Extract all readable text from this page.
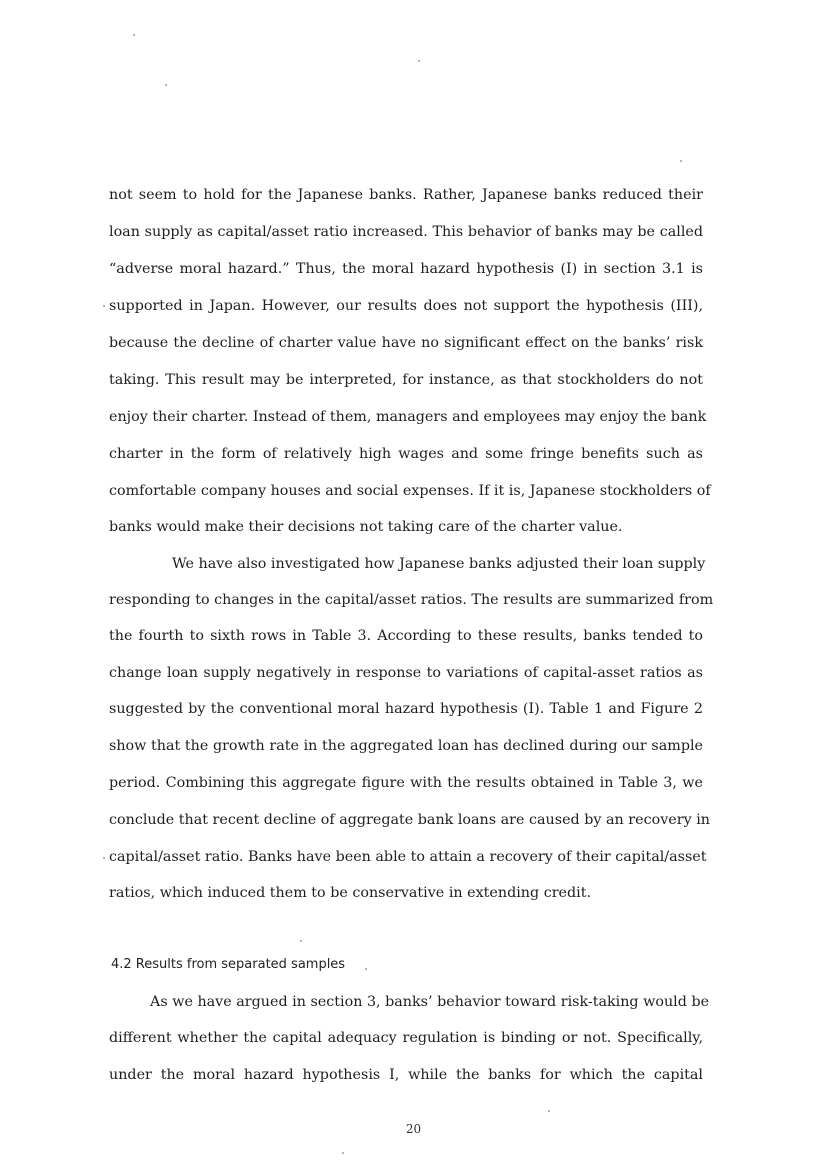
not seem to hold for the Japanese banks. Rather, Japanese banks reduced their
loan supply as capital/asset ratio increased. This behavior of banks may be called
“adverse moral hazard.” Thus, the moral hazard hypothesis (I) in section 3.1 is
supported in Japan. However, our results does not support the hypothesis (III),
because the decline of charter value have no significant effect on the banks’ risk
taking. This result may be interpreted, for instance, as that stockholders do not
enjoy their charter. Instead of them, managers and employees may enjoy the bank
charter in the form of relatively high wages and some fringe benefits such as
comfortable company houses and social expenses. If it is, Japanese stockholders of
banks would make their decisions not taking care of the charter value.
We have also investigated how Japanese banks adjusted their loan supply
responding to changes in the capital/asset ratios. The results are summarized from
the fourth to sixth rows in Table 3. According to these results, banks tended to
change loan supply negatively in response to variations of capital-asset ratios as
suggested by the conventional moral hazard hypothesis (I). Table 1 and Figure 2
show that the growth rate in the aggregated loan has declined during our sample
period. Combining this aggregate figure with the results obtained in Table 3, we
conclude that recent decline of aggregate bank loans are caused by an recovery in
capital/asset ratio. Banks have been able to attain a recovery of their capital/asset
ratios, which induced them to be conservative in extending credit.
4.2 Results from separated samples
As we have argued in section 3, banks’ behavior toward risk-taking would be
different whether the capital adequacy regulation is binding or not. Specifically,
under the moral hazard hypothesis I, while the banks for which the capital
20
